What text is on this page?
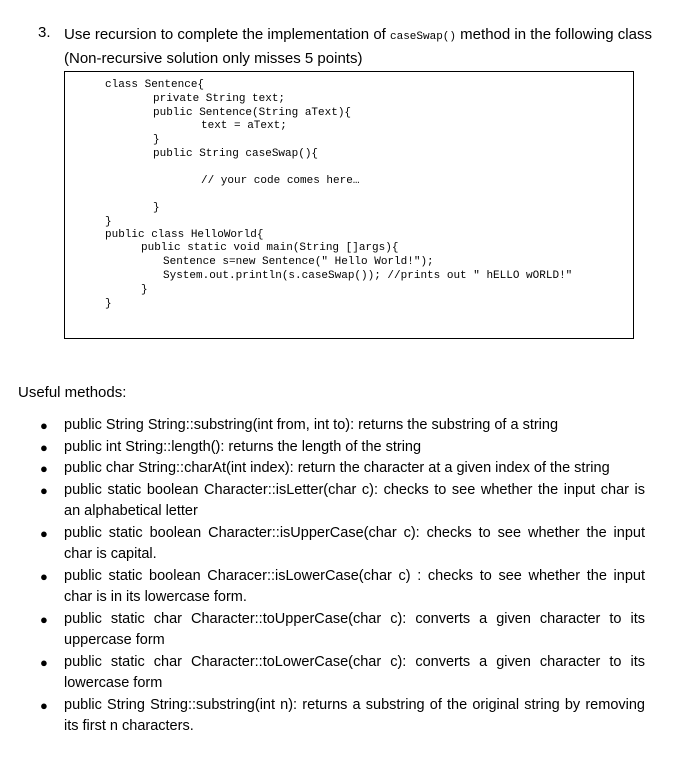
3. Use recursion to complete the implementation of caseSwap() method in the following class (Non-recursive solution only misses 5 points)
class Sentence{
private String text;
public Sentence(String aText){
text = aText;
}
public String caseSwap(){
// your code comes here…
}
}
public class HelloWorld{
public static void main(String []args){
Sentence s=new Sentence(" Hello World!");
System.out.println(s.caseSwap()); //prints out " hELLO wORLD!"
}
}
Useful methods:
● public String String::substring(int from, int to): returns the substring of a string
● public int String::length(): returns the length of the string
● public char String::charAt(int index): return the character at a given index of the string
● public static boolean Character::isLetter(char c): checks to see whether the input char is an alphabetical letter
● public static boolean Character::isUpperCase(char c): checks to see whether the input char is capital.
● public static boolean Characer::isLowerCase(char c) : checks to see whether the input char is in its lowercase form.
● public static char Character::toUpperCase(char c): converts a given character to its uppercase form
● public static char Character::toLowerCase(char c): converts a given character to its lowercase form
● public String String::substring(int n): returns a substring of the original string by removing its first n characters.
